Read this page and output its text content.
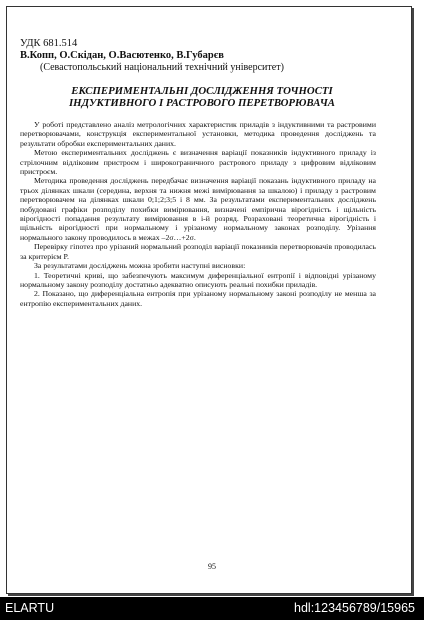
УДК 681.514
В.Копп, О.Скідан, О.Васютенко, В.Губарєв
(Севастопольський національний технічний університет)
ЕКСПЕРИМЕНТАЛЬНІ ДОСЛІДЖЕННЯ ТОЧНОСТІ
ІНДУКТИВНОГО І РАСТРОВОГО ПЕРЕТВОРЮВАЧА

У роботі представлено аналіз метрологічних характеристик приладів з індуктивними та растровими перетворювачами, конструкція експериментальної установки, методика проведення досліджень та результати обробки експериментальних даних.

Метою експериментальних досліджень є визначення варіації показників індуктивного приладу із стрілочним відліковим пристроєм і широкограничного растрового приладу з цифровим відліковим пристроєм.

Методика проведення досліджень передбачає визначення варіації показань індуктивного приладу на трьох ділянках шкали (середина, верхня та нижня межі вимірювання за шкалою) і приладу з растровим перетворювачем на ділянках шкали 0;1;2;3;5 і 8 мм. За результатами експериментальних досліджень побудовані графіки розподілу похибки вимірювання, визначені емпірична вірогідність і щільність вірогідності попадання результату вимірювання в і-й розряд. Розраховані теоретична вірогідність і щільність вірогідності при нормальному і урізаному нормальному законах розподілу. Урізання нормального закону проводилось в межах –2σ…+2σ.

Перевірку гіпотез про урізаний нормальний розподіл варіації показників перетворювачів проводилась за критерієм P.

За результатами досліджень можна зробити наступні висновки:

1. Теоретичні криві, що забезпечують максимум диференціальної ентропії і відповідні урізаному нормальному закону розподілу достатньо адекватно описують реальні похибки приладів.

2. Показано, що диференціальна ентропія при урізаному нормальному законі розподілу не менша за ентропію експериментальних даних.

95
ELARTU	hdl:123456789/15965
